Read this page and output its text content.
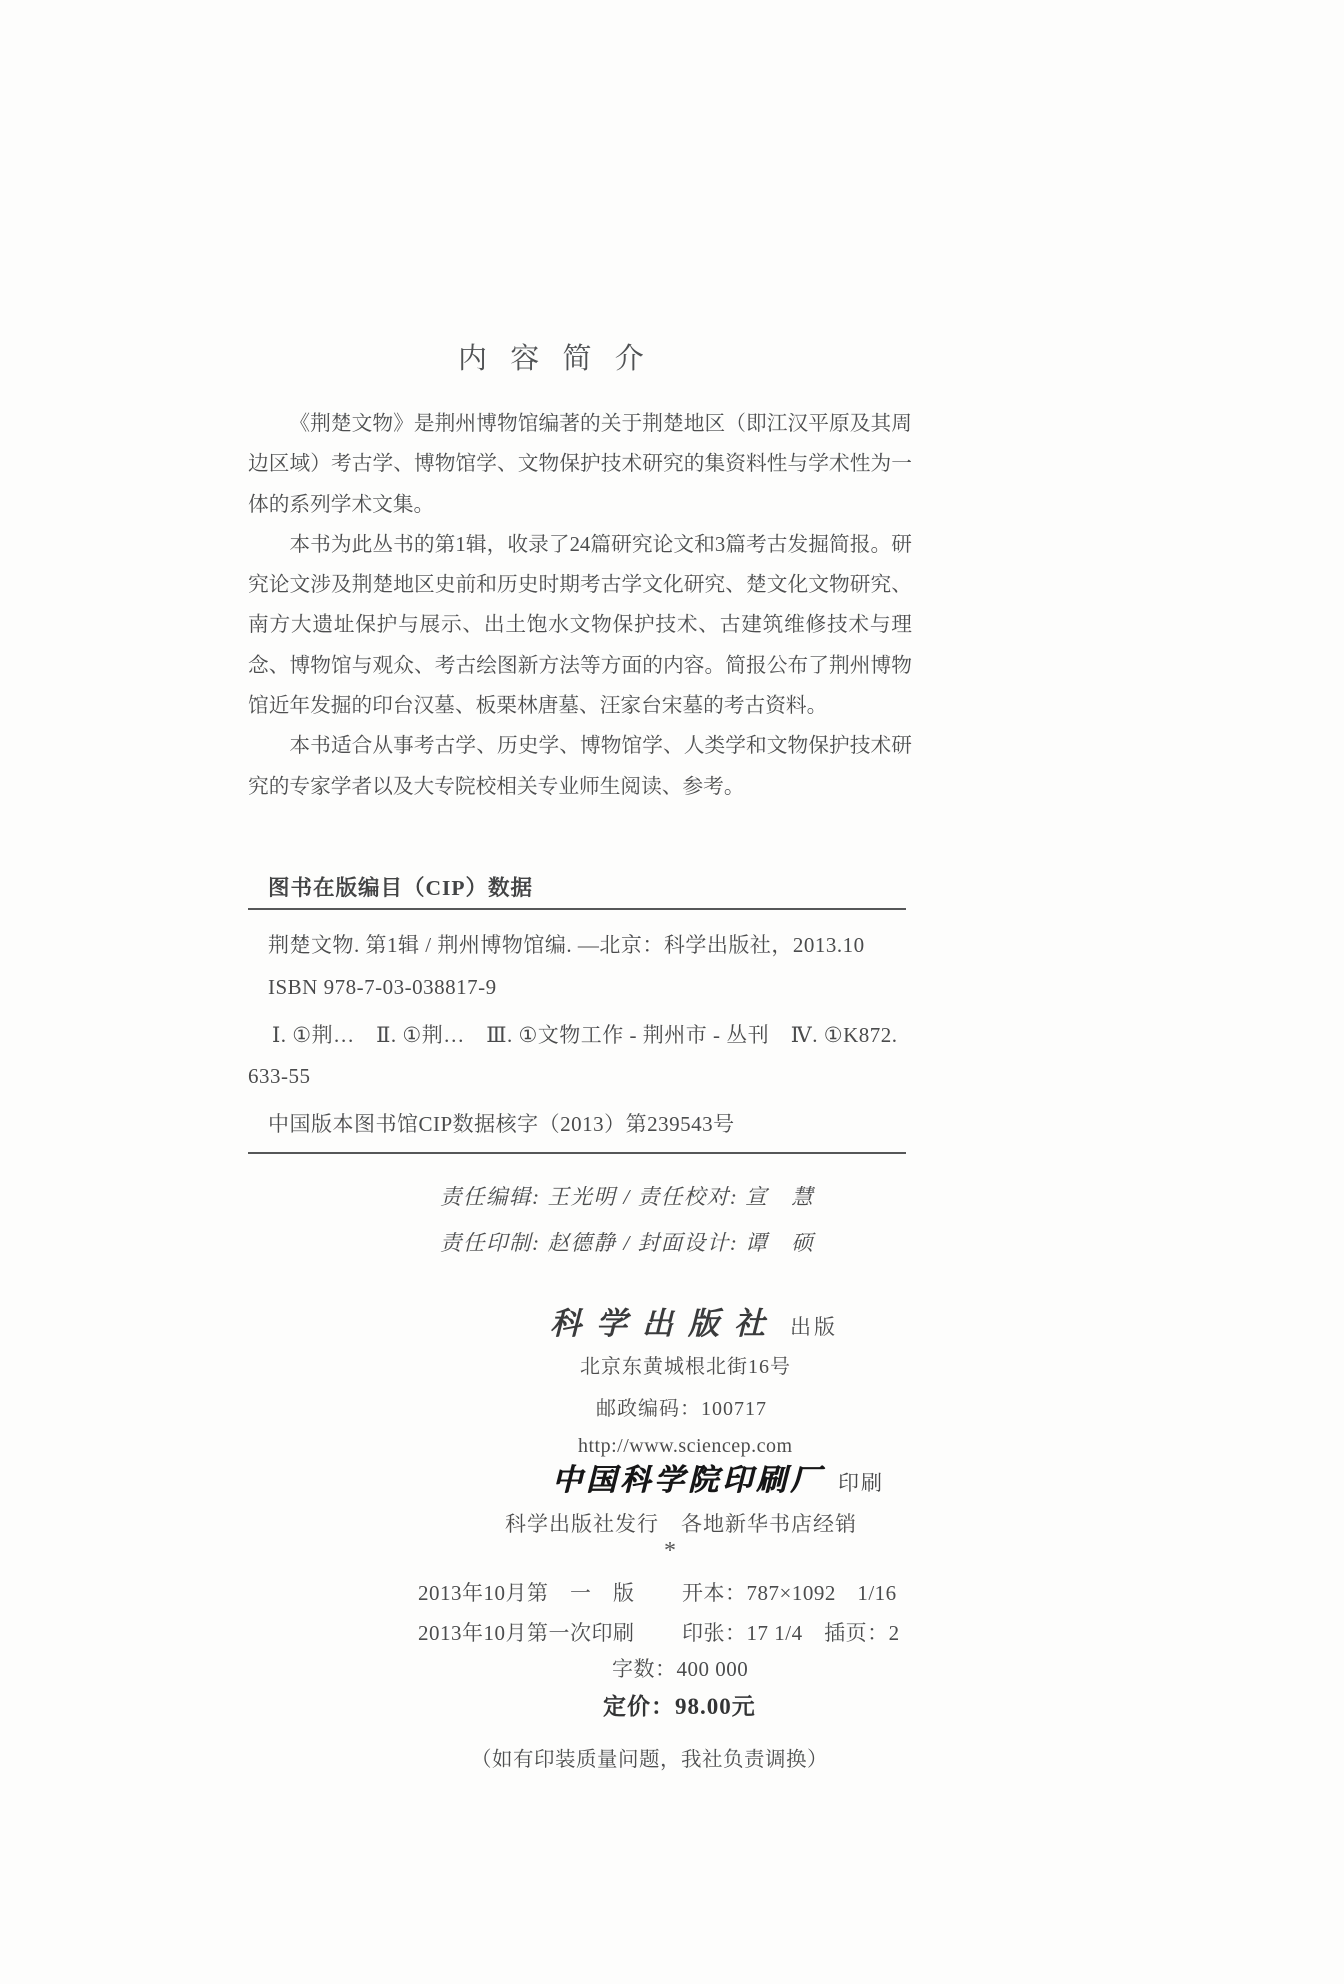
内 容 简 介
《荆楚文物》是荆州博物馆编著的关于荆楚地区（即江汉平原及其周
边区域）考古学、博物馆学、文物保护技术研究的集资料性与学术性为一
体的系列学术文集。
本书为此丛书的第1辑，收录了24篇研究论文和3篇考古发掘简报。研
究论文涉及荆楚地区史前和历史时期考古学文化研究、楚文化文物研究、
南方大遗址保护与展示、出土饱水文物保护技术、古建筑维修技术与理
念、博物馆与观众、考古绘图新方法等方面的内容。简报公布了荆州博物
馆近年发掘的印台汉墓、板栗林唐墓、汪家台宋墓的考古资料。
本书适合从事考古学、历史学、博物馆学、人类学和文物保护技术研
究的专家学者以及大专院校相关专业师生阅读、参考。
图书在版编目（CIP）数据
荆楚文物. 第1辑 / 荆州博物馆编. —北京：科学出版社，2013.10
ISBN 978-7-03-038817-9
Ⅰ. ①荆…　Ⅱ. ①荆…　Ⅲ. ①文物工作 - 荆州市 - 丛刊　Ⅳ. ①K872.
633-55
中国版本图书馆CIP数据核字（2013）第239543号
责任编辑: 王光明 / 责任校对: 宣　慧
责任印制: 赵德静 / 封面设计: 谭　硕
科学出版社 出版
北京东黄城根北街16号
邮政编码：100717
http://www.sciencep.com
中国科学院印刷厂 印刷
科学出版社发行　各地新华书店经销
*
2013年10月第　一　版 开本：787×1092　1/16
2013年10月第一次印刷 印张：17 1/4　插页：2
字数：400 000
定价：98.00元
（如有印装质量问题，我社负责调换）
